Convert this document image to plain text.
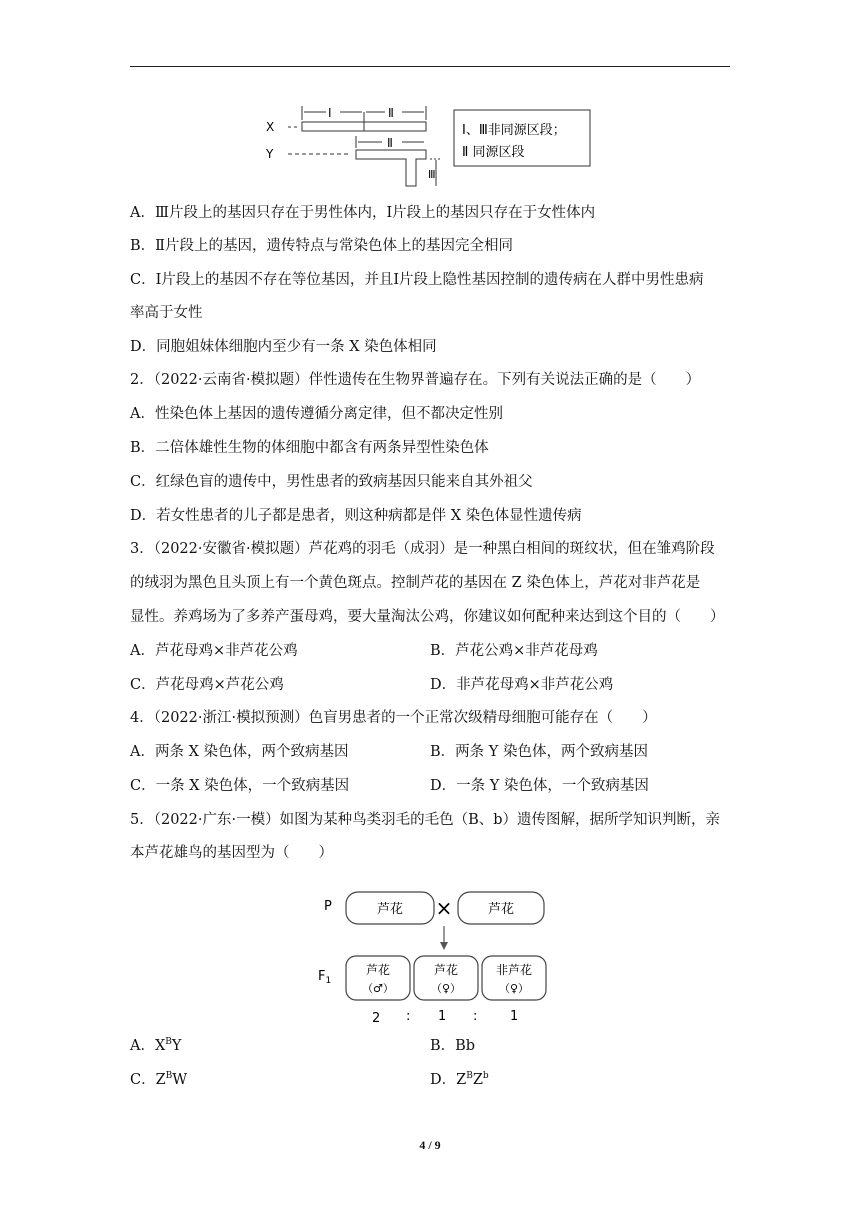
X
Ⅰ	Ⅱ
Y
Ⅱ
Ⅲ
Ⅰ、Ⅲ非同源区段；
Ⅱ 同源区段
A．Ⅲ片段上的基因只存在于男性体内，Ⅰ片段上的基因只存在于女性体内
B．Ⅱ片段上的基因，遗传特点与常染色体上的基因完全相同
C．Ⅰ片段上的基因不存在等位基因，并且Ⅰ片段上隐性基因控制的遗传病在人群中男性患病
率高于女性
D．同胞姐妹体细胞内至少有一条 X 染色体相同
2．（2022·云南省·模拟题）伴性遗传在生物界普遍存在。下列有关说法正确的是（　　）
A．性染色体上基因的遗传遵循分离定律，但不都决定性别
B．二倍体雄性生物的体细胞中都含有两条异型性染色体
C．红绿色盲的遗传中，男性患者的致病基因只能来自其外祖父
D．若女性患者的儿子都是患者，则这种病都是伴 X 染色体显性遗传病
3．（2022·安徽省·模拟题）芦花鸡的羽毛（成羽）是一种黑白相间的斑纹状，但在雏鸡阶段
的绒羽为黑色且头顶上有一个黄色斑点。控制芦花的基因在 Z 染色体上，芦花对非芦花是
显性。养鸡场为了多养产蛋母鸡，要大量淘汰公鸡，你建议如何配种来达到这个目的（　　）
A．芦花母鸡×非芦花公鸡	B．芦花公鸡×非芦花母鸡
C．芦花母鸡×芦花公鸡	D．非芦花母鸡×非芦花公鸡
4．（2022·浙江·模拟预测）色盲男患者的一个正常次级精母细胞可能存在（　　）
A．两条 X 染色体，两个致病基因	B．两条 Y 染色体，两个致病基因
C．一条 X 染色体，一个致病基因	D．一条 Y 染色体，一个致病基因
5．（2022·广东·一模）如图为某种鸟类羽毛的毛色（B、b）遗传图解，据所学知识判断，亲
本芦花雄鸟的基因型为（　　）
P	芦花 ×	芦花
$F_1$
芦花
（♂）
芦花
（♀）
非芦花
（♀）
2 : 1 :	1
A．$X^BY$	B．Bb
C．$Z^BW$	D．$Z^BZ^b$
4 / 9
